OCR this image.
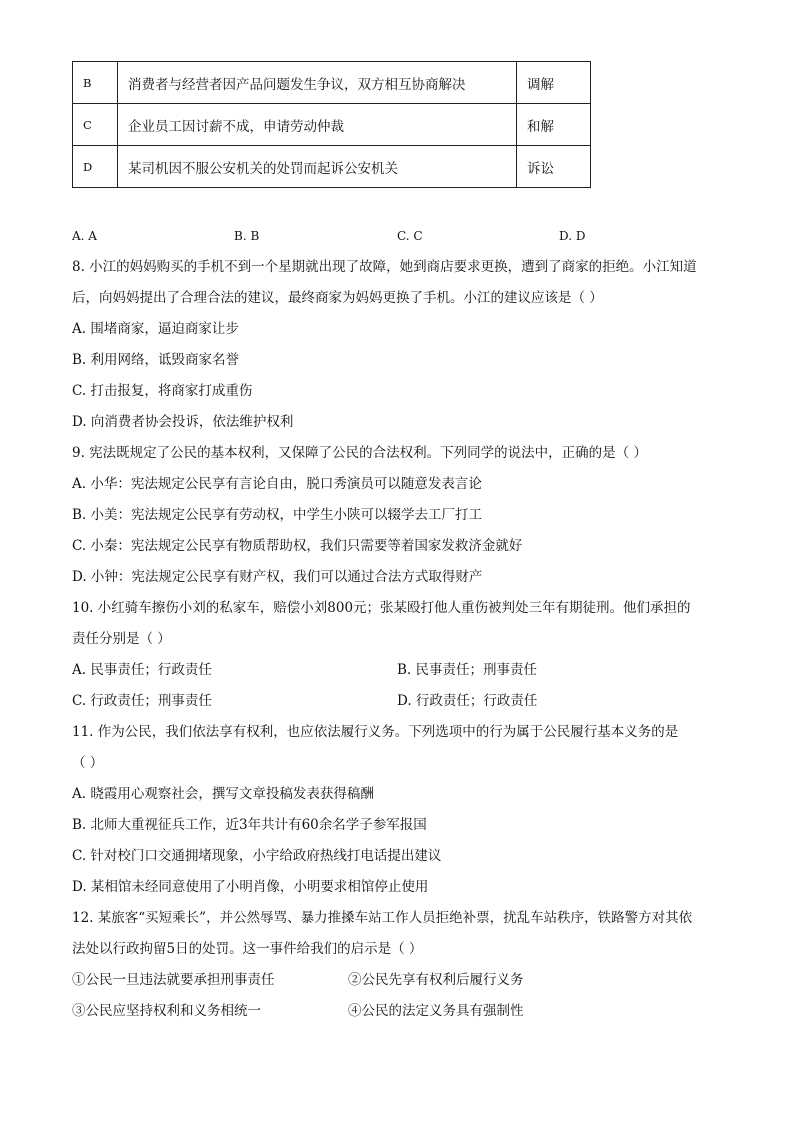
B	消费者与经营者因产品问题发生争议，双方相互协商解决	调解
C	企业员工因讨薪不成，申请劳动仲裁	和解
D	某司机因不服公安机关的处罚而起诉公安机关	诉讼
A. A	B. B	C. C	D. D
8. 小江的妈妈购买的手机不到一个星期就出现了故障，她到商店要求更换，遭到了商家的拒绝。小江知道
后，向妈妈提出了合理合法的建议，最终商家为妈妈更换了手机。小江的建议应该是（ ）
A. 围堵商家，逼迫商家让步
B. 利用网络，诋毁商家名誉
C. 打击报复，将商家打成重伤
D. 向消费者协会投诉，依法维护权利
9. 宪法既规定了公民的基本权利，又保障了公民的合法权利。下列同学的说法中，正确的是（ ）
A. 小华：宪法规定公民享有言论自由，脱口秀演员可以随意发表言论
B. 小美：宪法规定公民享有劳动权，中学生小陕可以辍学去工厂打工
C. 小秦：宪法规定公民享有物质帮助权，我们只需要等着国家发救济金就好
D. 小钟：宪法规定公民享有财产权，我们可以通过合法方式取得财产
10. 小红骑车擦伤小刘的私家车，赔偿小刘800元；张某殴打他人重伤被判处三年有期徒刑。他们承担的
责任分别是（ ）
A. 民事责任；行政责任	B. 民事责任；刑事责任
C. 行政责任；刑事责任	D. 行政责任；行政责任
11. 作为公民，我们依法享有权利，也应依法履行义务。下列选项中的行为属于公民履行基本义务的是
（ ）
A. 晓霞用心观察社会，撰写文章投稿发表获得稿酬
B. 北师大重视征兵工作，近3年共计有60余名学子参军报国
C. 针对校门口交通拥堵现象，小宇给政府热线打电话提出建议
D. 某相馆未经同意使用了小明肖像，小明要求相馆停止使用
12. 某旅客“买短乘长”，并公然辱骂、暴力推搡车站工作人员拒绝补票，扰乱车站秩序，铁路警方对其依
法处以行政拘留5日的处罚。这一事件给我们的启示是（ ）
①公民一旦违法就要承担刑事责任	②公民先享有权利后履行义务
③公民应坚持权利和义务相统一	④公民的法定义务具有强制性
